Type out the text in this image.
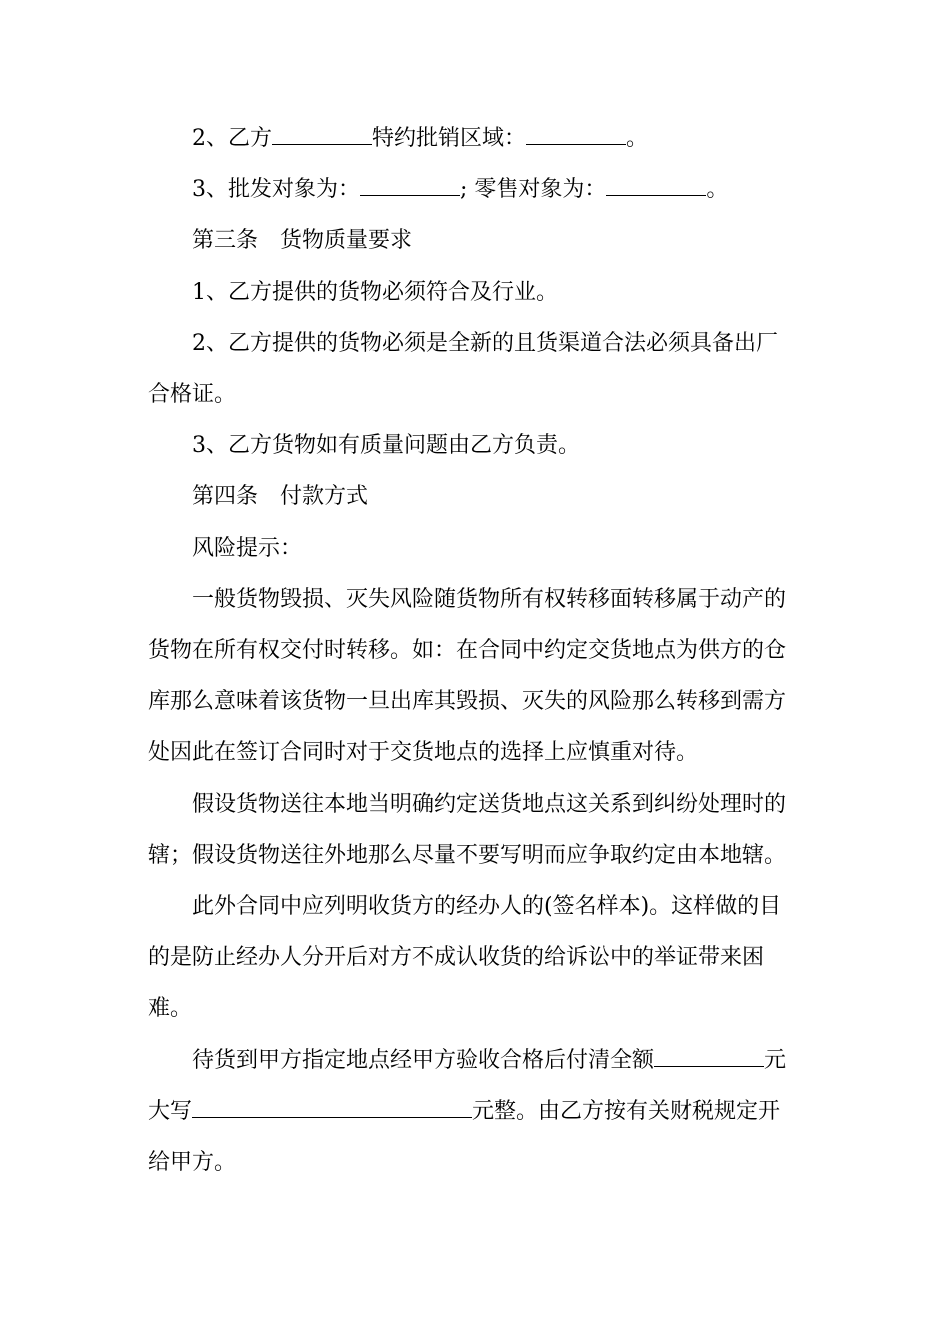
2、乙方	特约批销区域：	。
3、批发对象为：	; 零售对象为：	。
第三条　货物质量要求
1、乙方提供的货物必须符合及行业。
2、乙方提供的货物必须是全新的且货渠道合法必须具备出厂
合格证。
3、乙方货物如有质量问题由乙方负责。
第四条　付款方式
风险提示：
一般货物毁损、灭失风险随货物所有权转移面转移属于动产的
货物在所有权交付时转移。如：在合同中约定交货地点为供方的仓
库那么意味着该货物一旦出库其毁损、灭失的风险那么转移到需方
处因此在签订合同时对于交货地点的选择上应慎重对待。
假设货物送往本地当明确约定送货地点这关系到纠纷处理时的
辖；假设货物送往外地那么尽量不要写明而应争取约定由本地辖。
此外合同中应列明收货方的经办人的(签名样本)。这样做的目
的是防止经办人分开后对方不成认收货的给诉讼中的举证带来困
难。
待货到甲方指定地点经甲方验收合格后付清全额	元
大写	元整。由乙方按有关财税规定开
给甲方。
